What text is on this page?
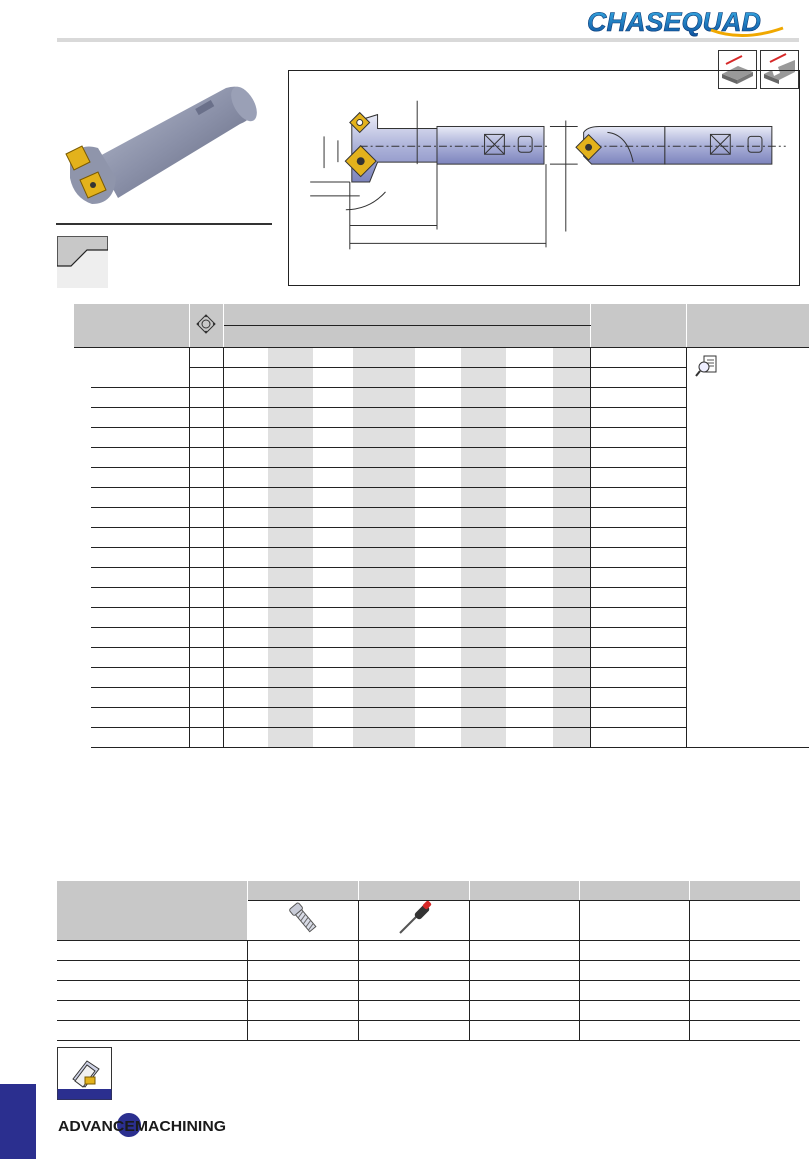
CHASEQUAD

ADVANCEMACHINING
